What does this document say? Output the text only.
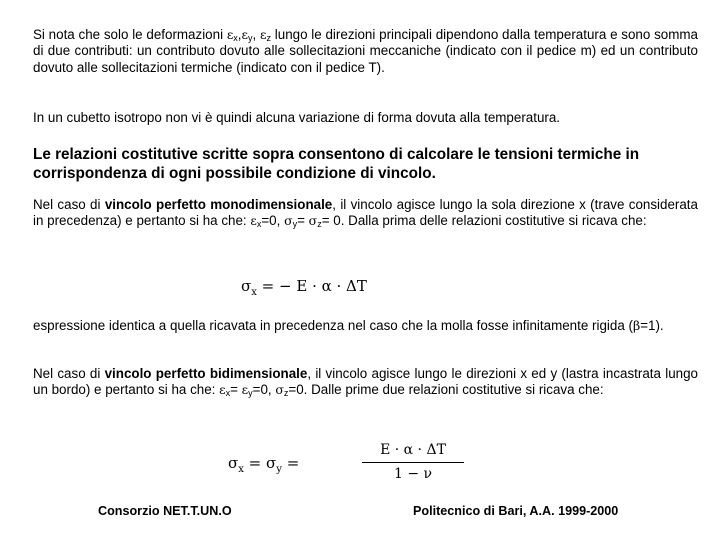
Si nota che solo le deformazioni $\varepsilon_x,\varepsilon_y$, $\varepsilon_z$ lungo le direzioni principali dipendono dalla temperatura e sono somma di due contributi: un contributo dovuto alle sollecitazioni meccaniche (indicato con il pedice m) ed un contributo dovuto alle sollecitazioni termiche (indicato con il pedice T).

In un cubetto isotropo non vi è quindi alcuna variazione di forma dovuta alla temperatura.

Le relazioni costitutive scritte sopra consentono di calcolare le tensioni termiche in corrispondenza di ogni possibile condizione di vincolo.

Nel caso di vincolo perfetto monodimensionale, il vincolo agisce lungo la sola direzione x (trave considerata in precedenza) e pertanto si ha che: $\varepsilon_x=0$, $\sigma_y= \sigma_z= 0$. Dalla prima delle relazioni costitutive si ricava che:

$\sigma_x$ = − E · α · ΔT

espressione identica a quella ricavata in precedenza nel caso che la molla fosse infinitamente rigida (β=1).

Nel caso di vincolo perfetto bidimensionale, il vincolo agisce lungo le direzioni x ed y (lastra incastrata lungo un bordo) e pertanto si ha che: $\varepsilon_x= \varepsilon_y=0$, $\sigma_z=0$. Dalle prime due relazioni costitutive si ricava che:

$\sigma_x = \sigma_y$ =
E · α · ΔT
1 − ν
Consorzio NET.T.UN.O	Politecnico di Bari, A.A. 1999-2000
